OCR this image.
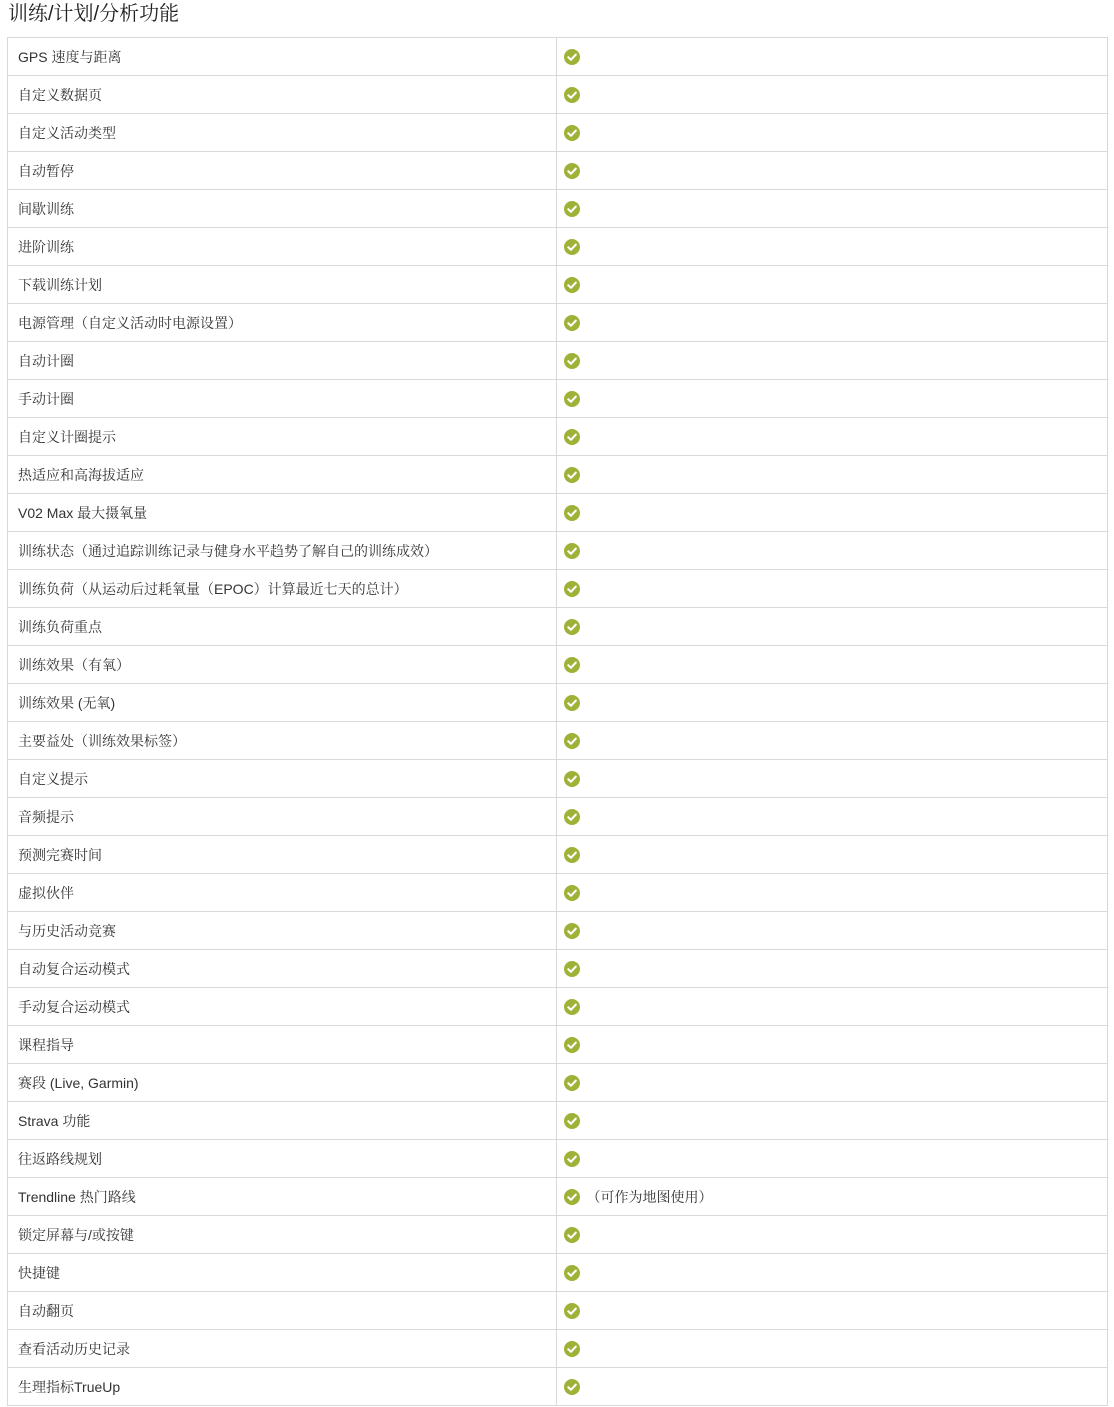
训练/计划/分析功能
GPS 速度与距离	

自定义数据页	

自定义活动类型	

自动暂停	

间歇训练	

进阶训练	

下载训练计划	

电源管理（自定义活动时电源设置）	

自动计圈	

手动计圈	

自定义计圈提示	

热适应和高海拔适应	

V02 Max 最大摄氧量	

训练状态（通过追踪训练记录与健身水平趋势了解自己的训练成效）	

训练负荷（从运动后过耗氧量（EPOC）计算最近七天的总计）	

训练负荷重点	

训练效果（有氧）	

训练效果 (无氧)	

主要益处（训练效果标签）	

自定义提示	

音频提示	

预测完赛时间	

虚拟伙伴	

与历史活动竞赛	

自动复合运动模式	

手动复合运动模式	

课程指导	

赛段 (Live, Garmin)	

Strava 功能	

往返路线规划	

Trendline 热门路线	（可作为地图使用）

锁定屏幕与/或按键	

快捷键	

自动翻页	

查看活动历史记录	

生理指标TrueUp	
